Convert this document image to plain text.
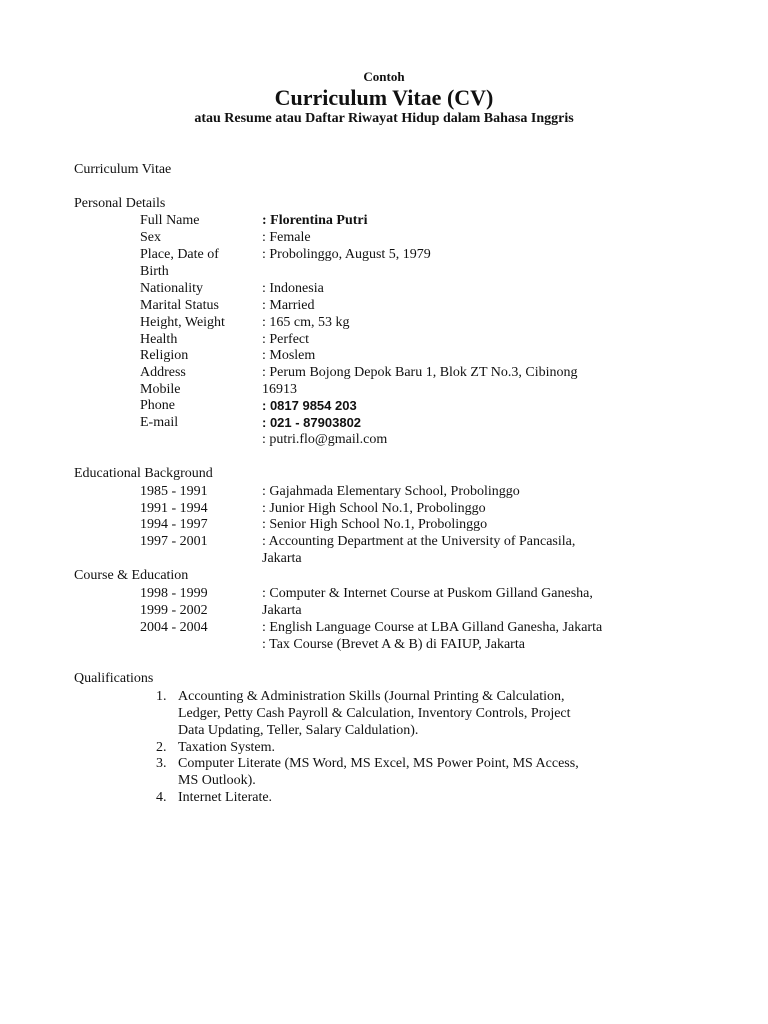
Contoh
Curriculum Vitae (CV)
atau Resume atau Daftar Riwayat Hidup dalam Bahasa Inggris
Curriculum Vitae
Personal Details
Full Name	: Florentina Putri
Sex	: Female
Place, Date of	: Probolinggo, August 5, 1979
Birth
Nationality	: Indonesia
Marital Status	: Married
Height, Weight	: 165 cm, 53 kg
Health	: Perfect
Religion	: Moslem
Address	: Perum Bojong Depok Baru 1, Blok ZT No.3, Cibinong
Mobile	16913
Phone	: 0817 9854 203
E-mail	: 021 - 87903802
: putri.flo@gmail.com
Educational Background
1985 - 1991	: Gajahmada Elementary School, Probolinggo
1991 - 1994	: Junior High School No.1, Probolinggo
1994 - 1997	: Senior High School No.1, Probolinggo
1997 - 2001	: Accounting Department at the University of Pancasila,
Jakarta
Course & Education
1998 - 1999	: Computer & Internet Course at Puskom Gilland Ganesha,
1999 - 2002	Jakarta
2004 - 2004	: English Language Course at LBA Gilland Ganesha, Jakarta
: Tax Course (Brevet A & B) di FAIUP, Jakarta
Qualifications
1. Accounting & Administration Skills (Journal Printing & Calculation,
Ledger, Petty Cash Payroll & Calculation, Inventory Controls, Project
Data Updating, Teller, Salary Caldulation).
2. Taxation System.
3. Computer Literate (MS Word, MS Excel, MS Power Point, MS Access,
MS Outlook).
4. Internet Literate.
